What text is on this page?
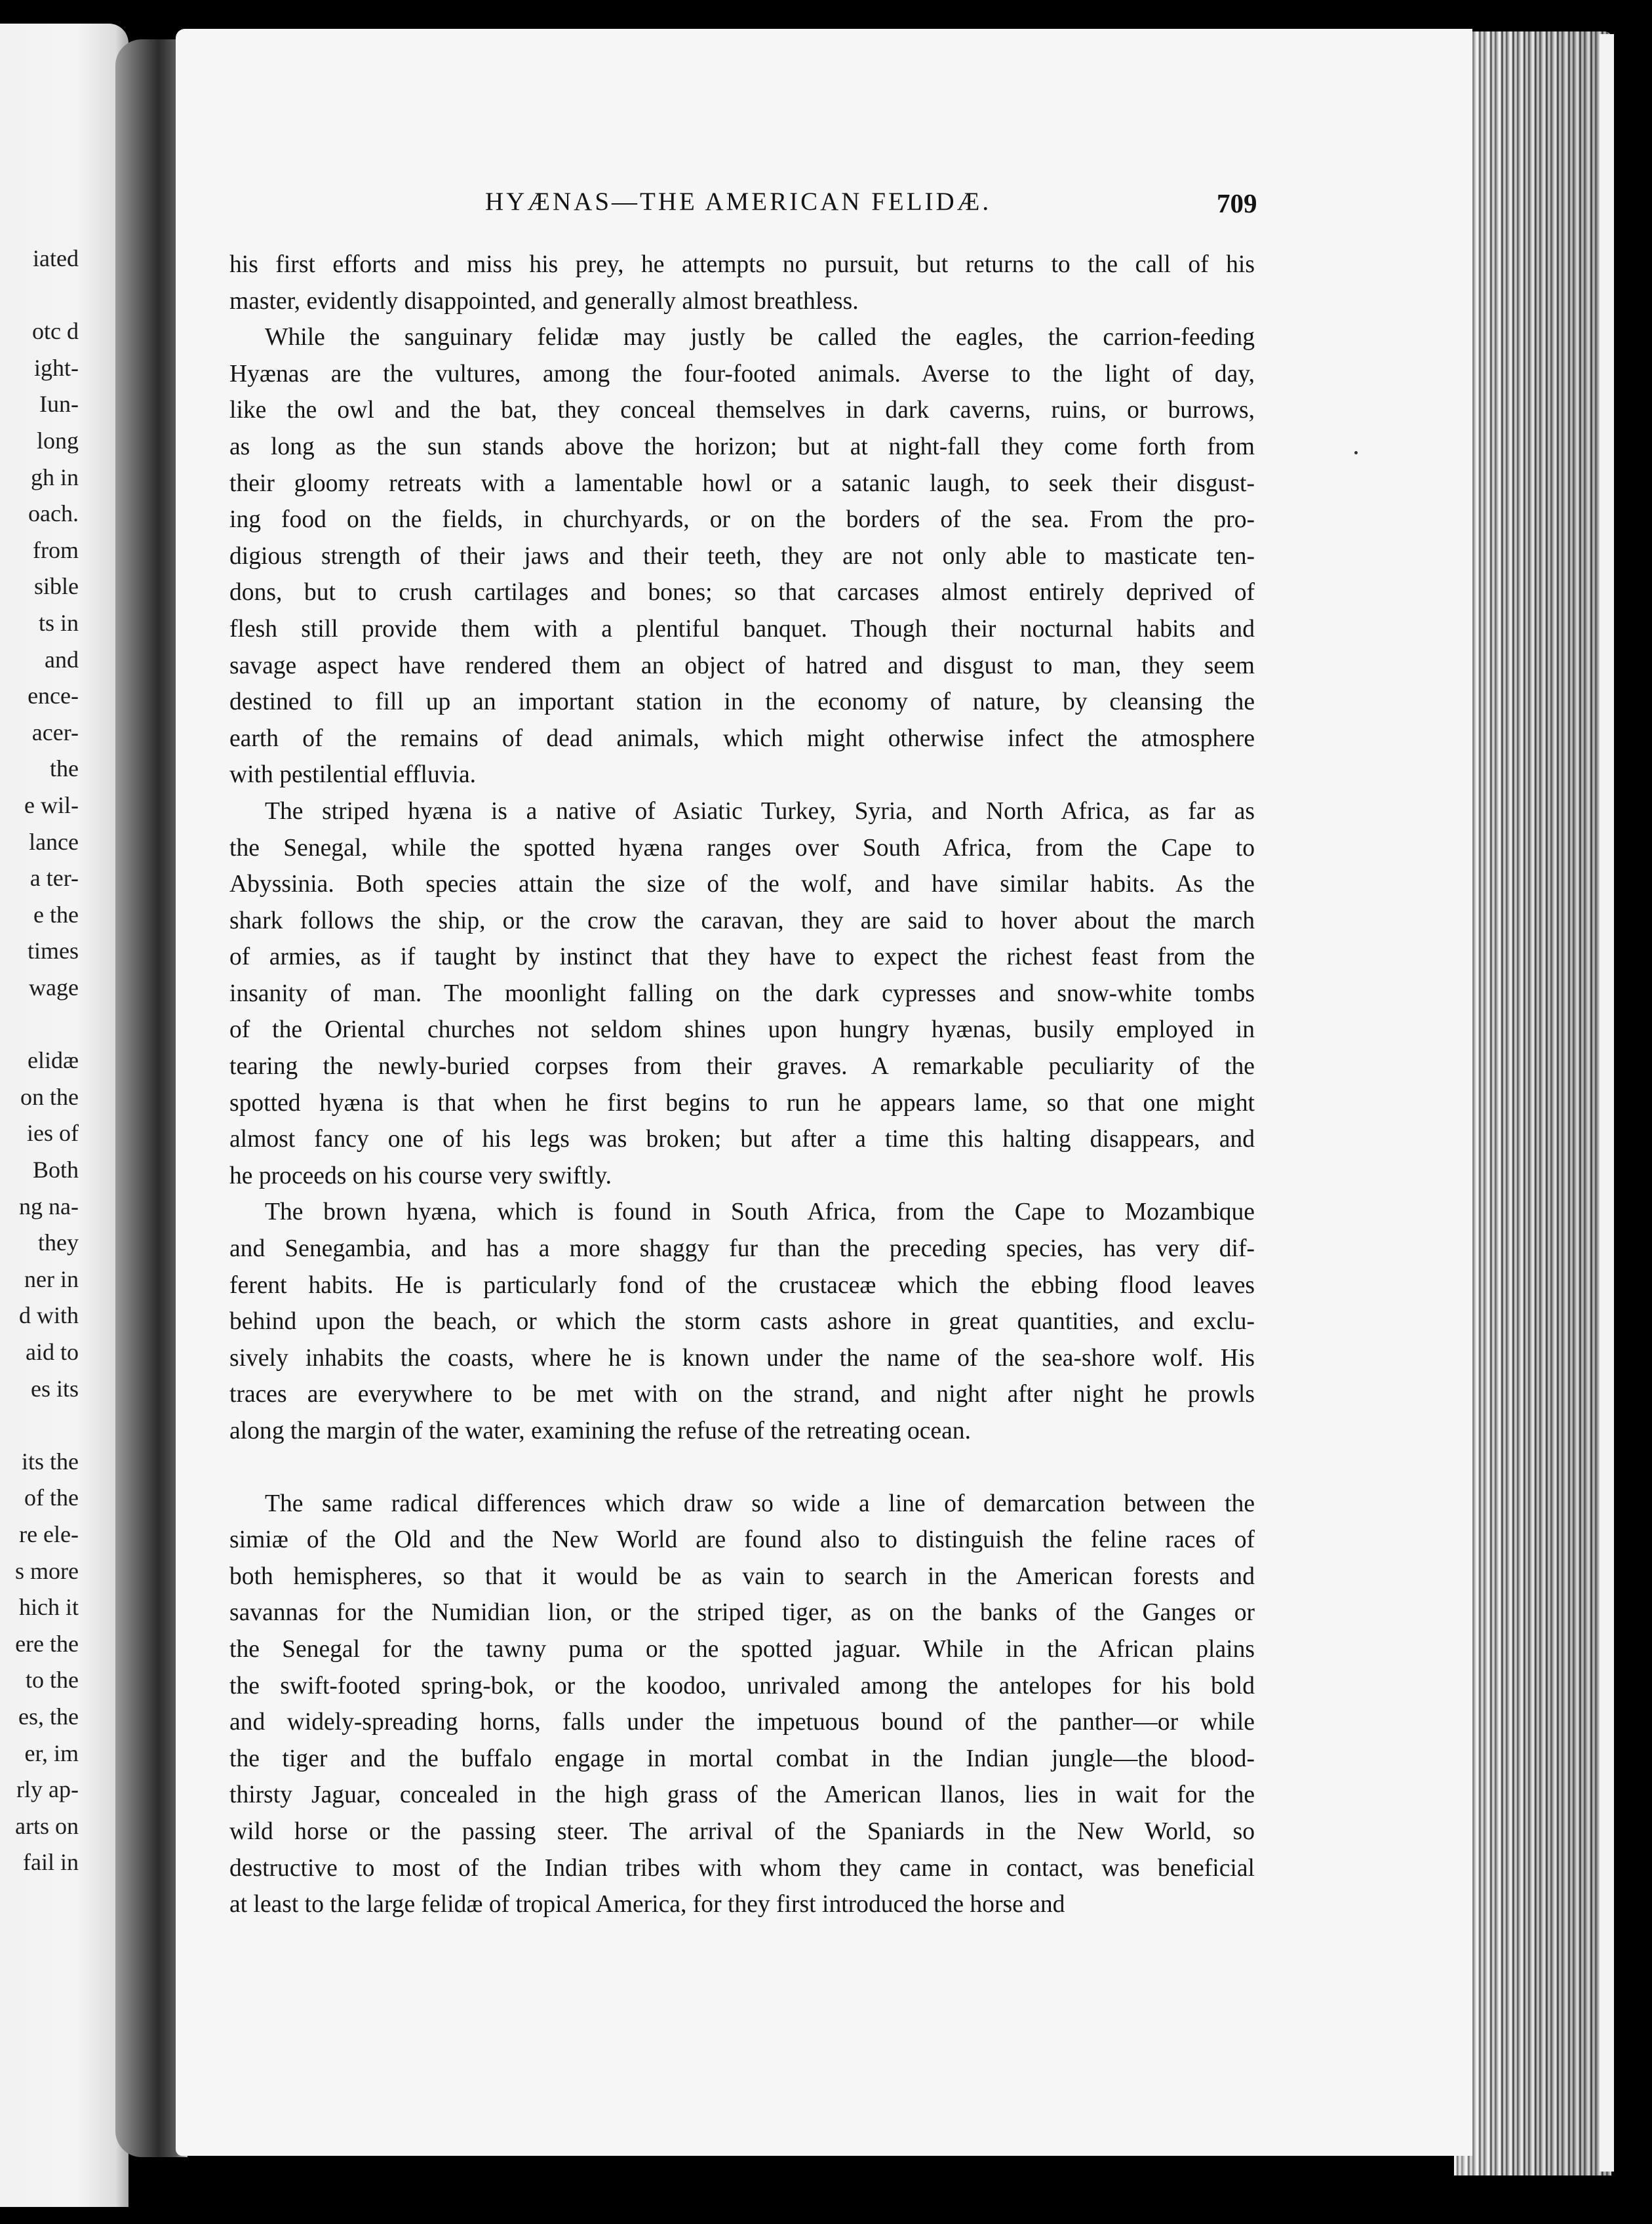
iated
otc d
ight-
Iun-
long
gh in
oach.
from
sible
ts in
and
ence-
acer-
the
e wil-
lance
a ter-
e the
times
wage
elidæ
on the
ies of
Both
ng na-
they
ner in
d with
aid to
es its
its the
of the
re ele-
s more
hich it
ere the
to the
es, the
er, im
rly ap-
arts on
fail in
HYÆNAS—THE AMERICAN FELIDÆ.	709
his first efforts and miss his prey, he attempts no pursuit, but returns to the call of his
master, evidently disappointed, and generally almost breathless.
While the sanguinary felidæ may justly be called the eagles, the carrion-feeding
Hyænas are the vultures, among the four-footed animals. Averse to the light of day,
like the owl and the bat, they conceal themselves in dark caverns, ruins, or burrows,
as long as the sun stands above the horizon; but at night-fall they come forth from
their gloomy retreats with a lamentable howl or a satanic laugh, to seek their disgust-
ing food on the fields, in churchyards, or on the borders of the sea. From the pro-
digious strength of their jaws and their teeth, they are not only able to masticate ten-
dons, but to crush cartilages and bones; so that carcases almost entirely deprived of
flesh still provide them with a plentiful banquet. Though their nocturnal habits and
savage aspect have rendered them an object of hatred and disgust to man, they seem
destined to fill up an important station in the economy of nature, by cleansing the
earth of the remains of dead animals, which might otherwise infect the atmosphere
with pestilential effluvia.
The striped hyæna is a native of Asiatic Turkey, Syria, and North Africa, as far as
the Senegal, while the spotted hyæna ranges over South Africa, from the Cape to
Abyssinia. Both species attain the size of the wolf, and have similar habits. As the
shark follows the ship, or the crow the caravan, they are said to hover about the march
of armies, as if taught by instinct that they have to expect the richest feast from the
insanity of man. The moonlight falling on the dark cypresses and snow-white tombs
of the Oriental churches not seldom shines upon hungry hyænas, busily employed in
tearing the newly-buried corpses from their graves. A remarkable peculiarity of the
spotted hyæna is that when he first begins to run he appears lame, so that one might
almost fancy one of his legs was broken; but after a time this halting disappears, and
he proceeds on his course very swiftly.
The brown hyæna, which is found in South Africa, from the Cape to Mozambique
and Senegambia, and has a more shaggy fur than the preceding species, has very dif-
ferent habits. He is particularly fond of the crustaceæ which the ebbing flood leaves
behind upon the beach, or which the storm casts ashore in great quantities, and exclu-
sively inhabits the coasts, where he is known under the name of the sea-shore wolf. His
traces are everywhere to be met with on the strand, and night after night he prowls
along the margin of the water, examining the refuse of the retreating ocean.
The same radical differences which draw so wide a line of demarcation between the
simiæ of the Old and the New World are found also to distinguish the feline races of
both hemispheres, so that it would be as vain to search in the American forests and
savannas for the Numidian lion, or the striped tiger, as on the banks of the Ganges or
the Senegal for the tawny puma or the spotted jaguar. While in the African plains
the swift-footed spring-bok, or the koodoo, unrivaled among the antelopes for his bold
and widely-spreading horns, falls under the impetuous bound of the panther—or while
the tiger and the buffalo engage in mortal combat in the Indian jungle—the blood-
thirsty Jaguar, concealed in the high grass of the American llanos, lies in wait for the
wild horse or the passing steer. The arrival of the Spaniards in the New World, so
destructive to most of the Indian tribes with whom they came in contact, was beneficial
at least to the large felidæ of tropical America, for they first introduced the horse and
